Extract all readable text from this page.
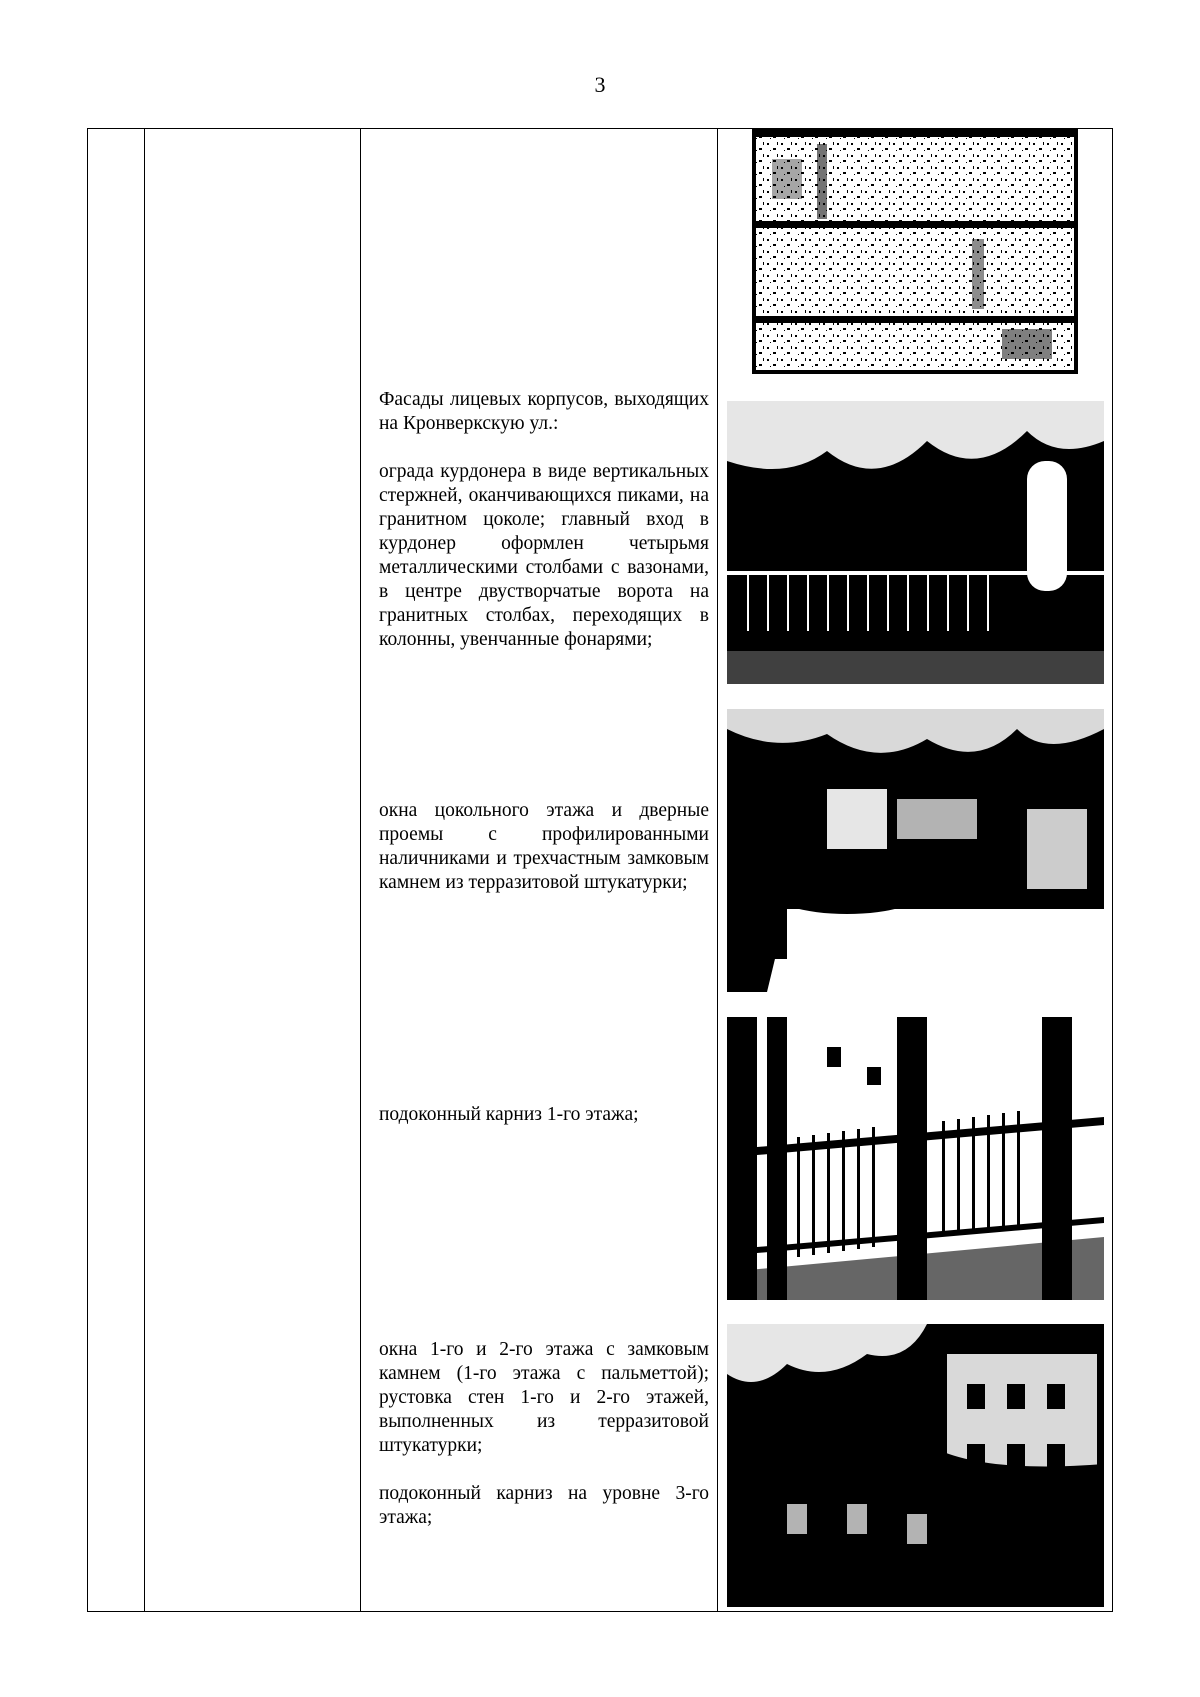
3

Фасады лицевых корпусов, выходящих на Кронверкскую ул.:

ограда курдонера в виде вертикальных стержней, оканчивающихся пиками, на гранитном цоколе; главный вход в курдонер оформлен четырьмя металлическими столбами с вазонами, в центре двустворчатые ворота на гранитных столбах, переходящих в колонны, увенчанные фонарями;

окна цокольного этажа и дверные проемы с профилированными наличниками и трехчастным замковым камнем из терразитовой штукатурки;

подоконный карниз 1-го этажа;

окна 1-го и 2-го этажа с замковым камнем (1-го этажа с пальметтой); рустовка стен 1-го и 2-го этажей, выполненных из терразитовой штукатурки;

подоконный карниз на уровне 3-го этажа;
